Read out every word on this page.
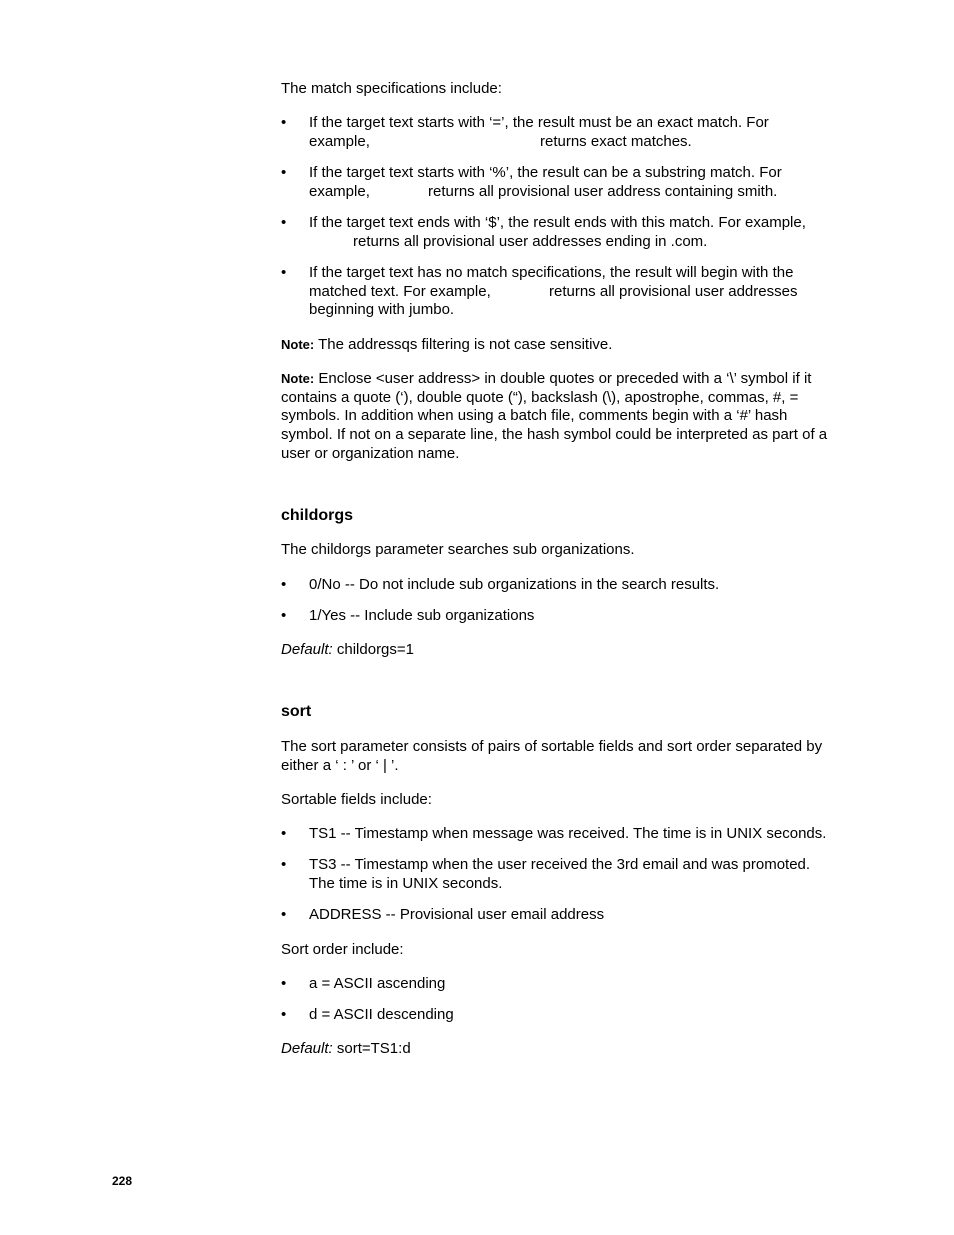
The match specifications include:
• If the target text starts with ‘=’, the result must be an exact match. For
example,	returns exact matches.
• If the target text starts with ‘%’, the result can be a substring match. For
example,	returns all provisional user address containing smith.
• If the target text ends with ‘$’, the result ends with this match. For example,
returns all provisional user addresses ending in .com.
• If the target text has no match specifications, the result will begin with the
matched text. For example,	returns all provisional user addresses
beginning with jumbo.
Note: The addressqs filtering is not case sensitive.
Note: Enclose <user address> in double quotes or preceded with a ‘\’ symbol if it
contains a quote (‘), double quote (“), backslash (\), apostrophe, commas, #, =
symbols. In addition when using a batch file, comments begin with a ‘#’ hash
symbol. If not on a separate line, the hash symbol could be interpreted as part of a
user or organization name.
childorgs
The childorgs parameter searches sub organizations.
• 0/No -- Do not include sub organizations in the search results.
• 1/Yes -- Include sub organizations
Default: childorgs=1
sort
The sort parameter consists of pairs of sortable fields and sort order separated by
either a ‘ : ’ or ‘ | ’.
Sortable fields include:
• TS1 -- Timestamp when message was received. The time is in UNIX seconds.
• TS3 -- Timestamp when the user received the 3rd email and was promoted.
The time is in UNIX seconds.
• ADDRESS -- Provisional user email address
Sort order include:
• a = ASCII ascending
• d = ASCII descending
Default: sort=TS1:d
228
